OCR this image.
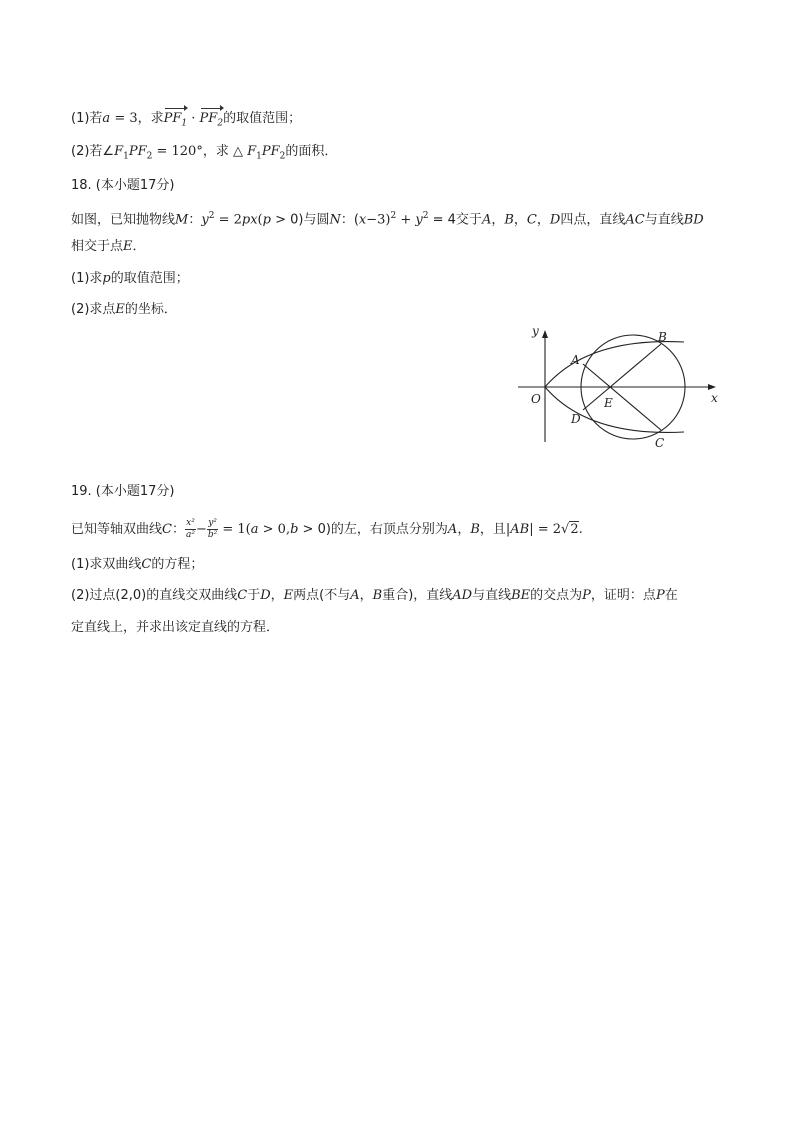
(1)若a = 3，求$PF_1 \cdot PF_2$的取值范围；
(2)若$\angle F_1PF_2 = 120^\circ$，求 △ $F_1PF_2$的面积．
18. (本小题17分)
如图，已知抛物线M：$y^2 = 2px(p > 0)$与圆N：$(x-3)^2 + y^2 = 4$交于A，B，C，D四点，直线AC与直线BD
相交于点E．
(1)求p的取值范围；
(2)求点E的坐标．
y
x
O
A
B
C
D
E
19. (本小题17分)
已知等轴双曲线C： $\frac{\text{x²}}{\text{a²}} - \frac{\text{y²}}{\text{b²}} = 1(a > 0,b > 0)$的左，右顶点分别为A，B，且|AB| = 2√2.
(1)求双曲线C的方程；
(2)过点(2,0)的直线交双曲线C于D，E两点(不与A，B重合)，直线AD与直线BE的交点为P，证明：点P在
定直线上，并求出该定直线的方程．
